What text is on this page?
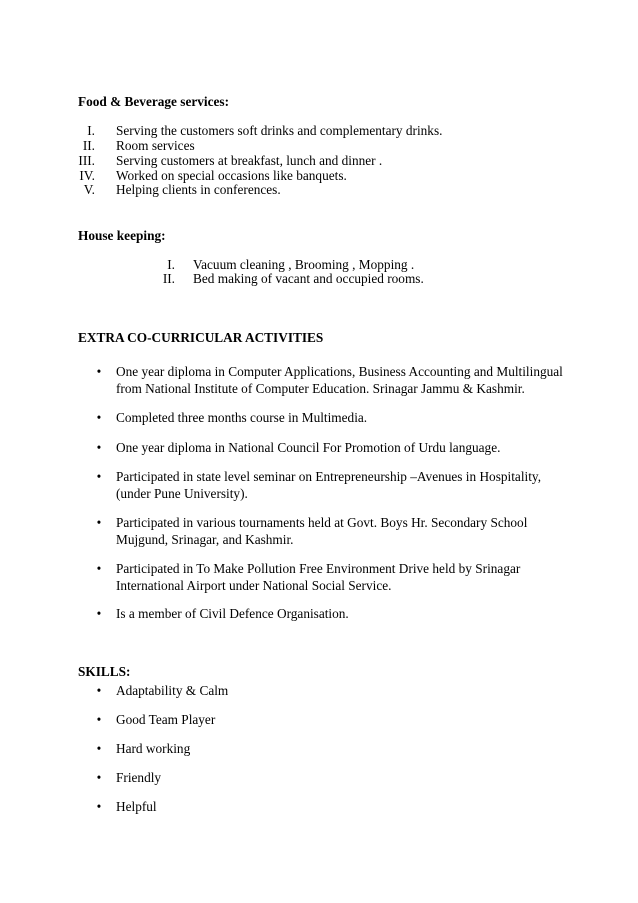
Food & Beverage services:
I. Serving the customers soft drinks and complementary drinks.
II. Room services
III. Serving customers at breakfast, lunch and dinner .
IV. Worked on special occasions like banquets.
V. Helping clients in conferences.
House keeping:
I. Vacuum cleaning , Brooming , Mopping .
II. Bed making of vacant and occupied rooms.
EXTRA CO-CURRICULAR ACTIVITIES
• One year diploma in Computer Applications, Business Accounting and Multilingual
from National Institute of Computer Education. Srinagar Jammu & Kashmir.
• Completed three months course in Multimedia.
• One year diploma in National Council For Promotion of Urdu language.
• Participated in state level seminar on Entrepreneurship –Avenues in Hospitality,
(under Pune University).
• Participated in various tournaments held at Govt. Boys Hr. Secondary School
Mujgund, Srinagar, and Kashmir.
• Participated in To Make Pollution Free Environment Drive held by Srinagar
International Airport under National Social Service.
• Is a member of Civil Defence Organisation.
SKILLS:
• Adaptability & Calm
• Good Team Player
• Hard working
• Friendly
• Helpful
